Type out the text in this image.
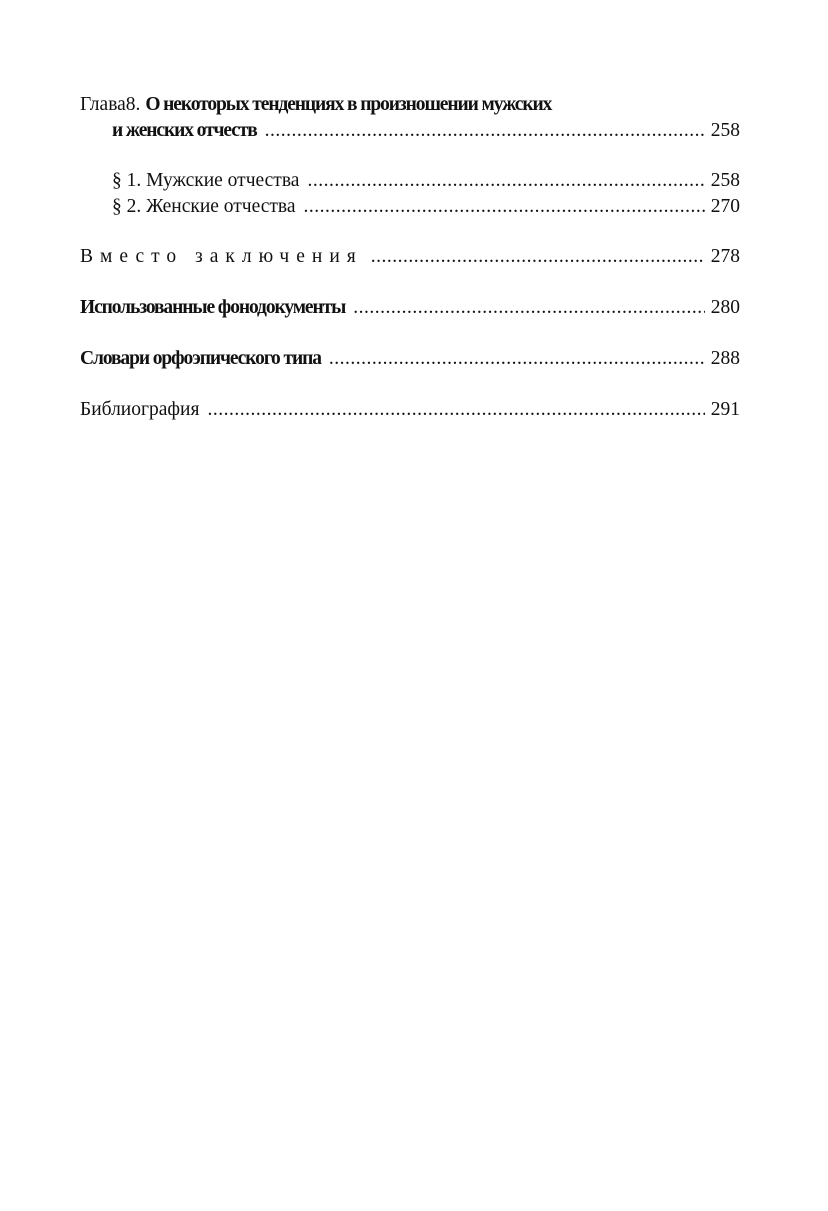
Глава8. О некоторых тенденциях в произношении мужских
и женских отчеств .....	258
§ 1. Мужские отчества .....	258
§ 2. Женские отчества .....	270
Вместо заключения .....	278
Использованные фонодокументы .....	280
Словари орфоэпического типа .....	288
Библиография .....	291
